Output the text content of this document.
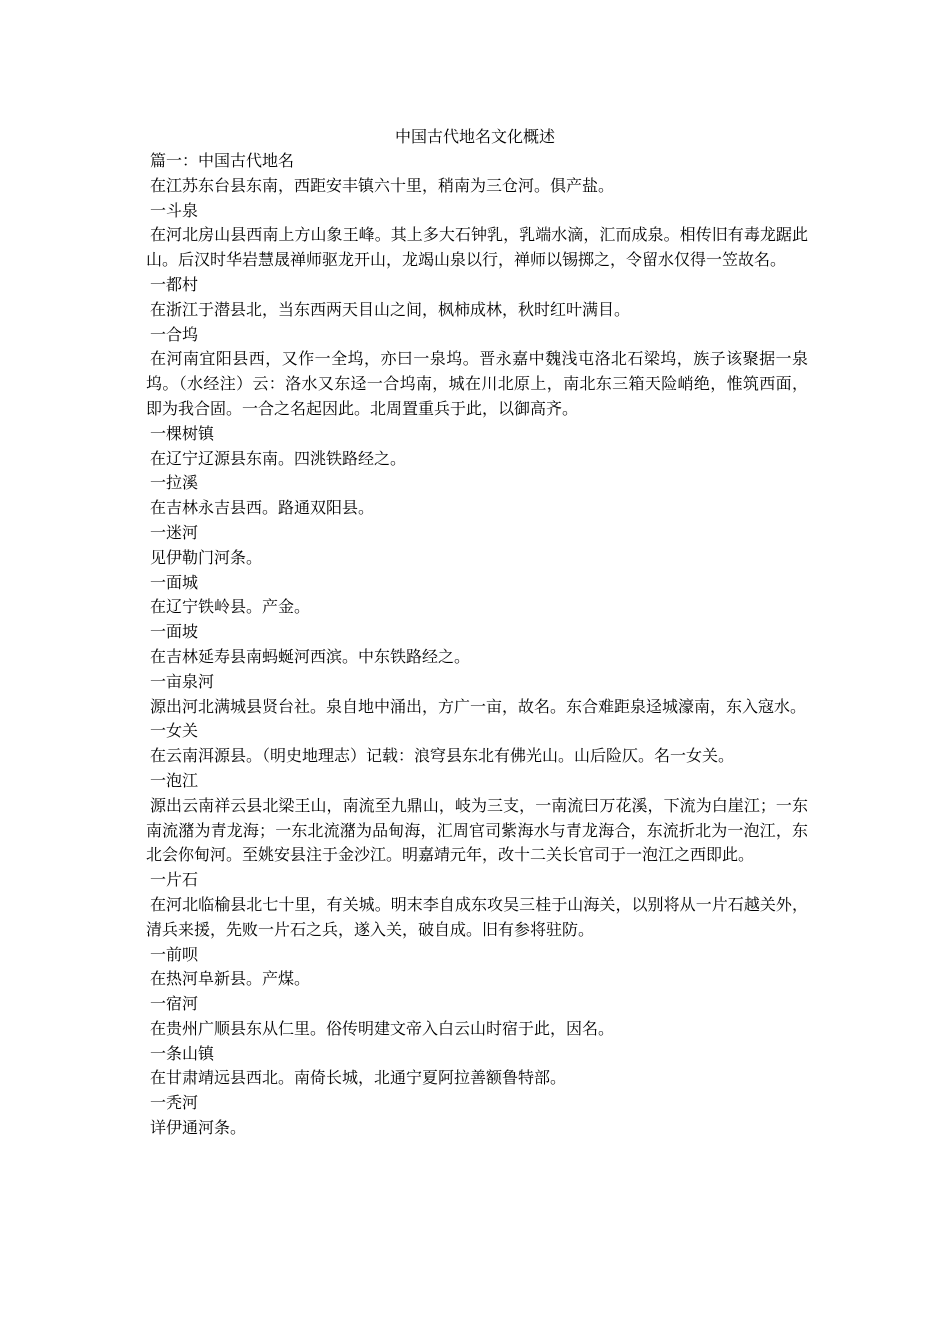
中国古代地名文化概述
篇一：中国古代地名
在江苏东台县东南，西距安丰镇六十里，稍南为三仓河。俱产盐。
一斗泉
在河北房山县西南上方山象王峰。其上多大石钟乳，乳端水滴，汇而成泉。相传旧有毒龙踞此山。后汉时华岩慧晟禅师驱龙开山，龙竭山泉以行，禅师以锡掷之，令留水仅得一笠故名。
一都村
在浙江于潜县北，当东西两天目山之间，枫柿成林，秋时红叶满目。
一合坞
在河南宜阳县西，又作一全坞，亦曰一泉坞。晋永嘉中魏浅屯洛北石梁坞，族子该聚据一泉坞。（水经注）云：洛水又东迳一合坞南，城在川北原上，南北东三箱天险峭绝，惟筑西面，即为我合固。一合之名起因此。北周置重兵于此，以御高齐。
一棵树镇
在辽宁辽源县东南。四洮铁路经之。
一拉溪
在吉林永吉县西。路通双阳县。
一迷河
见伊勒门河条。
一面城
在辽宁铁岭县。产金。
一面坡
在吉林延寿县南蚂蜒河西滨。中东铁路经之。
一亩泉河
源出河北满城县贤台社。泉自地中涌出，方广一亩，故名。东合难距泉迳城濠南，东入寇水。
一女关
在云南洱源县。（明史地理志）记载：浪穹县东北有佛光山。山后险仄。名一女关。
一泡江
源出云南祥云县北梁王山，南流至九鼎山，岐为三支，一南流曰万花溪，下流为白崖江；一东南流潴为青龙海；一东北流潴为品甸海，汇周官司紫海水与青龙海合，东流折北为一泡江，东北会你甸河。至姚安县注于金沙江。明嘉靖元年，改十二关长官司于一泡江之西即此。
一片石
在河北临榆县北七十里，有关城。明末李自成东攻吴三桂于山海关，以别将从一片石越关外，清兵来援，先败一片石之兵，遂入关，破自成。旧有参将驻防。
一前呗
在热河阜新县。产煤。
一宿河
在贵州广顺县东从仁里。俗传明建文帝入白云山时宿于此，因名。
一条山镇
在甘肃靖远县西北。南倚长城，北通宁夏阿拉善额鲁特部。
一秃河
详伊通河条。
